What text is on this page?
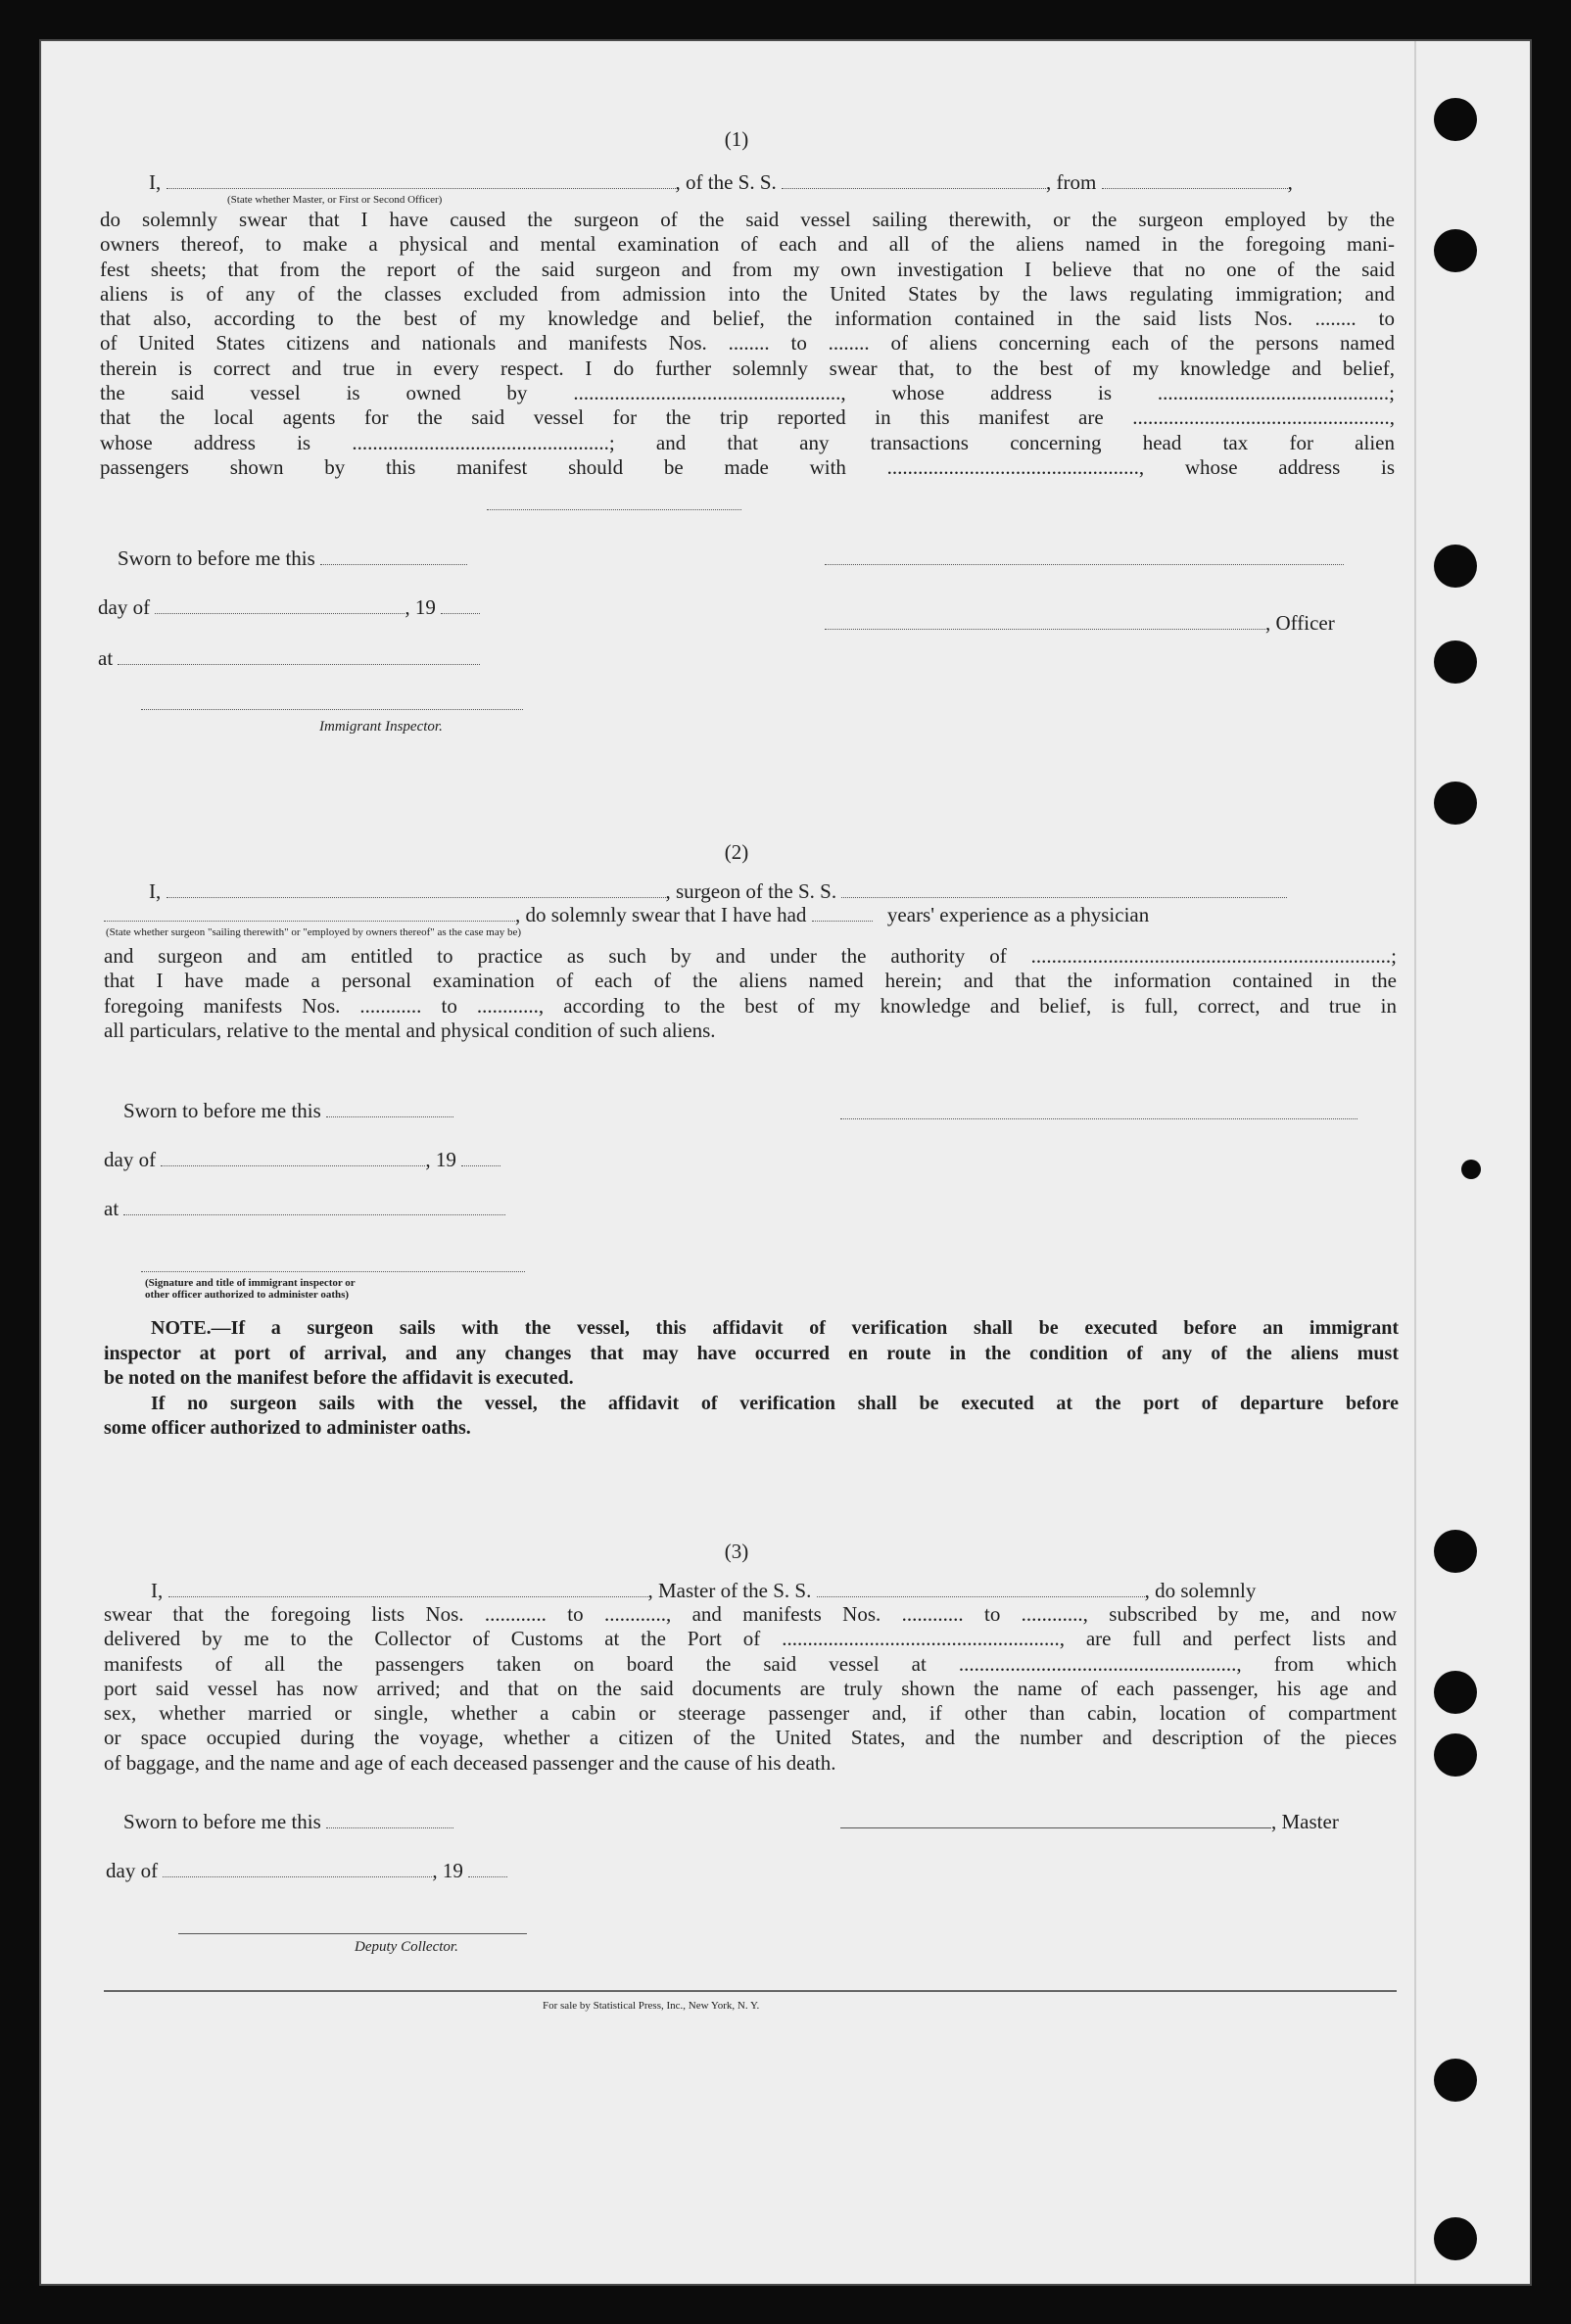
(1)
I,	, of the S. S.	, from	,
(State whether Master, or First or Second Officer)
do solemnly swear that I have caused the surgeon of the said vessel sailing therewith, or the surgeon employed by the
owners thereof, to make a physical and mental examination of each and all of the aliens named in the foregoing mani-
fest sheets; that from the report of the said surgeon and from my own investigation I believe that no one of the said
aliens is of any of the classes excluded from admission into the United States by the laws regulating immigration; and
that also, according to the best of my knowledge and belief, the information contained in the said lists Nos. ........ to
of United States citizens and nationals and manifests Nos. ........ to ........ of aliens concerning each of the persons named
therein is correct and true in every respect. I do further solemnly swear that, to the best of my knowledge and belief,
the said vessel is owned by ...................................................., whose address is .............................................;
that the local agents for the said vessel for the trip reported in this manifest are ..................................................,
whose address is ..................................................; and that any transactions concerning head tax for alien
passengers shown by this manifest should be made with ................................................., whose address is
Sworn to before me this
day of	, 19
at
Immigrant Inspector.
, Officer
(2)
I,	, surgeon of the S. S.
, do solemnly swear that I have had	years' experience as a physician
(State whether surgeon "sailing therewith" or "employed by owners thereof" as the case may be)
and surgeon and am entitled to practice as such by and under the authority of ......................................................................;
that I have made a personal examination of each of the aliens named herein; and that the information contained in the
foregoing manifests Nos. ............ to ............, according to the best of my knowledge and belief, is full, correct, and true in
all particulars, relative to the mental and physical condition of such aliens.
Sworn to before me this
day of	, 19
at
(Signature and title of immigrant inspector or
other officer authorized to administer oaths)
NOTE.—If a surgeon sails with the vessel, this affidavit of verification shall be executed before an immigrant
inspector at port of arrival, and any changes that may have occurred en route in the condition of any of the aliens must
be noted on the manifest before the affidavit is executed.
If no surgeon sails with the vessel, the affidavit of verification shall be executed at the port of departure before
some officer authorized to administer oaths.
(3)
I,	, Master of the S. S.	, do solemnly
swear that the foregoing lists Nos. ............ to ............, and manifests Nos. ............ to ............, subscribed by me, and now
delivered by me to the Collector of Customs at the Port of ......................................................, are full and perfect lists and
manifests of all the passengers taken on board the said vessel at ......................................................, from which
port said vessel has now arrived; and that on the said documents are truly shown the name of each passenger, his age and
sex, whether married or single, whether a cabin or steerage passenger and, if other than cabin, location of compartment
or space occupied during the voyage, whether a citizen of the United States, and the number and description of the pieces
of baggage, and the name and age of each deceased passenger and the cause of his death.
Sworn to before me this	, Master
day of	, 19
Deputy Collector.
For sale by Statistical Press, Inc., New York, N. Y.
